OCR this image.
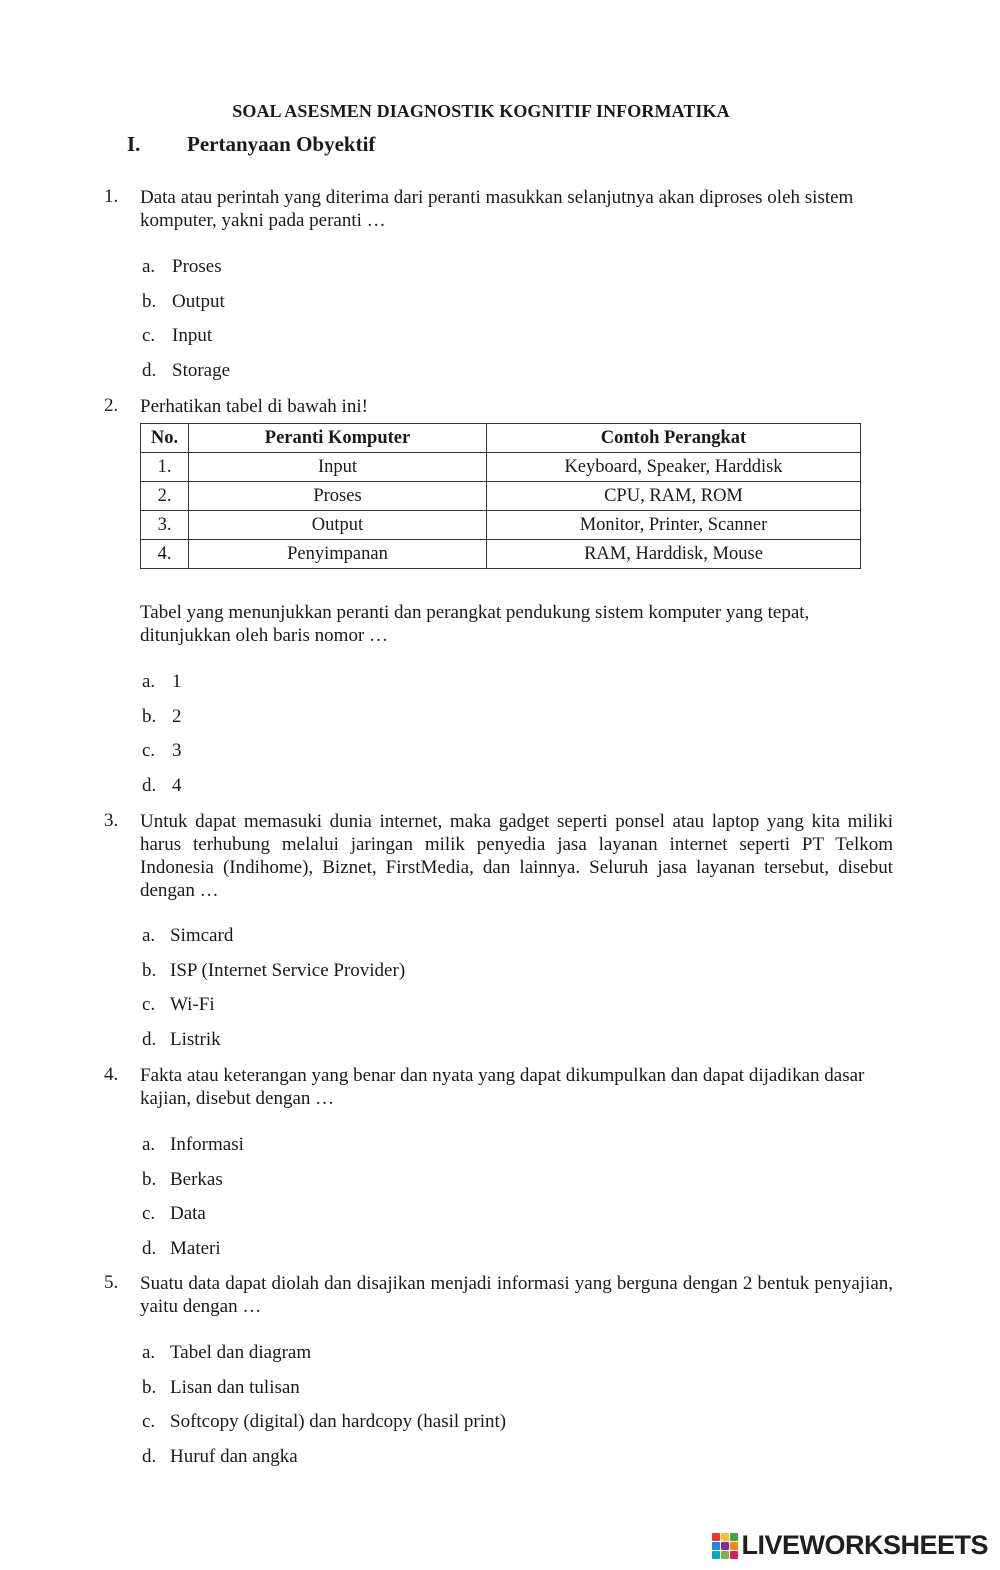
SOAL ASESMEN DIAGNOSTIK KOGNITIF INFORMATIKA
I. Pertanyaan Obyektif
1. Data atau perintah yang diterima dari peranti masukkan selanjutnya akan diproses oleh sistem komputer, yakni pada peranti …
a. Proses
b. Output
c. Input
d. Storage
2. Perhatikan tabel di bawah ini!
No.	Peranti Komputer	Contoh Perangkat
1.	Input	Keyboard, Speaker, Harddisk
2.	Proses	CPU, RAM, ROM
3.	Output	Monitor, Printer, Scanner
4.	Penyimpanan	RAM, Harddisk, Mouse
Tabel yang menunjukkan peranti dan perangkat pendukung sistem komputer yang tepat, ditunjukkan oleh baris nomor …
a. 1
b. 2
c. 3
d. 4
3. Untuk dapat memasuki dunia internet, maka gadget seperti ponsel atau laptop yang kita miliki harus terhubung melalui jaringan milik penyedia jasa layanan internet seperti PT Telkom Indonesia (Indihome), Biznet, FirstMedia, dan lainnya. Seluruh jasa layanan tersebut, disebut dengan …
a. Simcard
b. ISP (Internet Service Provider)
c. Wi-Fi
d. Listrik
4. Fakta atau keterangan yang benar dan nyata yang dapat dikumpulkan dan dapat dijadikan dasar kajian, disebut dengan …
a. Informasi
b. Berkas
c. Data
d. Materi
5. Suatu data dapat diolah dan disajikan menjadi informasi yang berguna dengan 2 bentuk penyajian, yaitu dengan …
a. Tabel dan diagram
b. Lisan dan tulisan
c. Softcopy (digital) dan hardcopy (hasil print)
d. Huruf dan angka
LIVEWORKSHEETS
